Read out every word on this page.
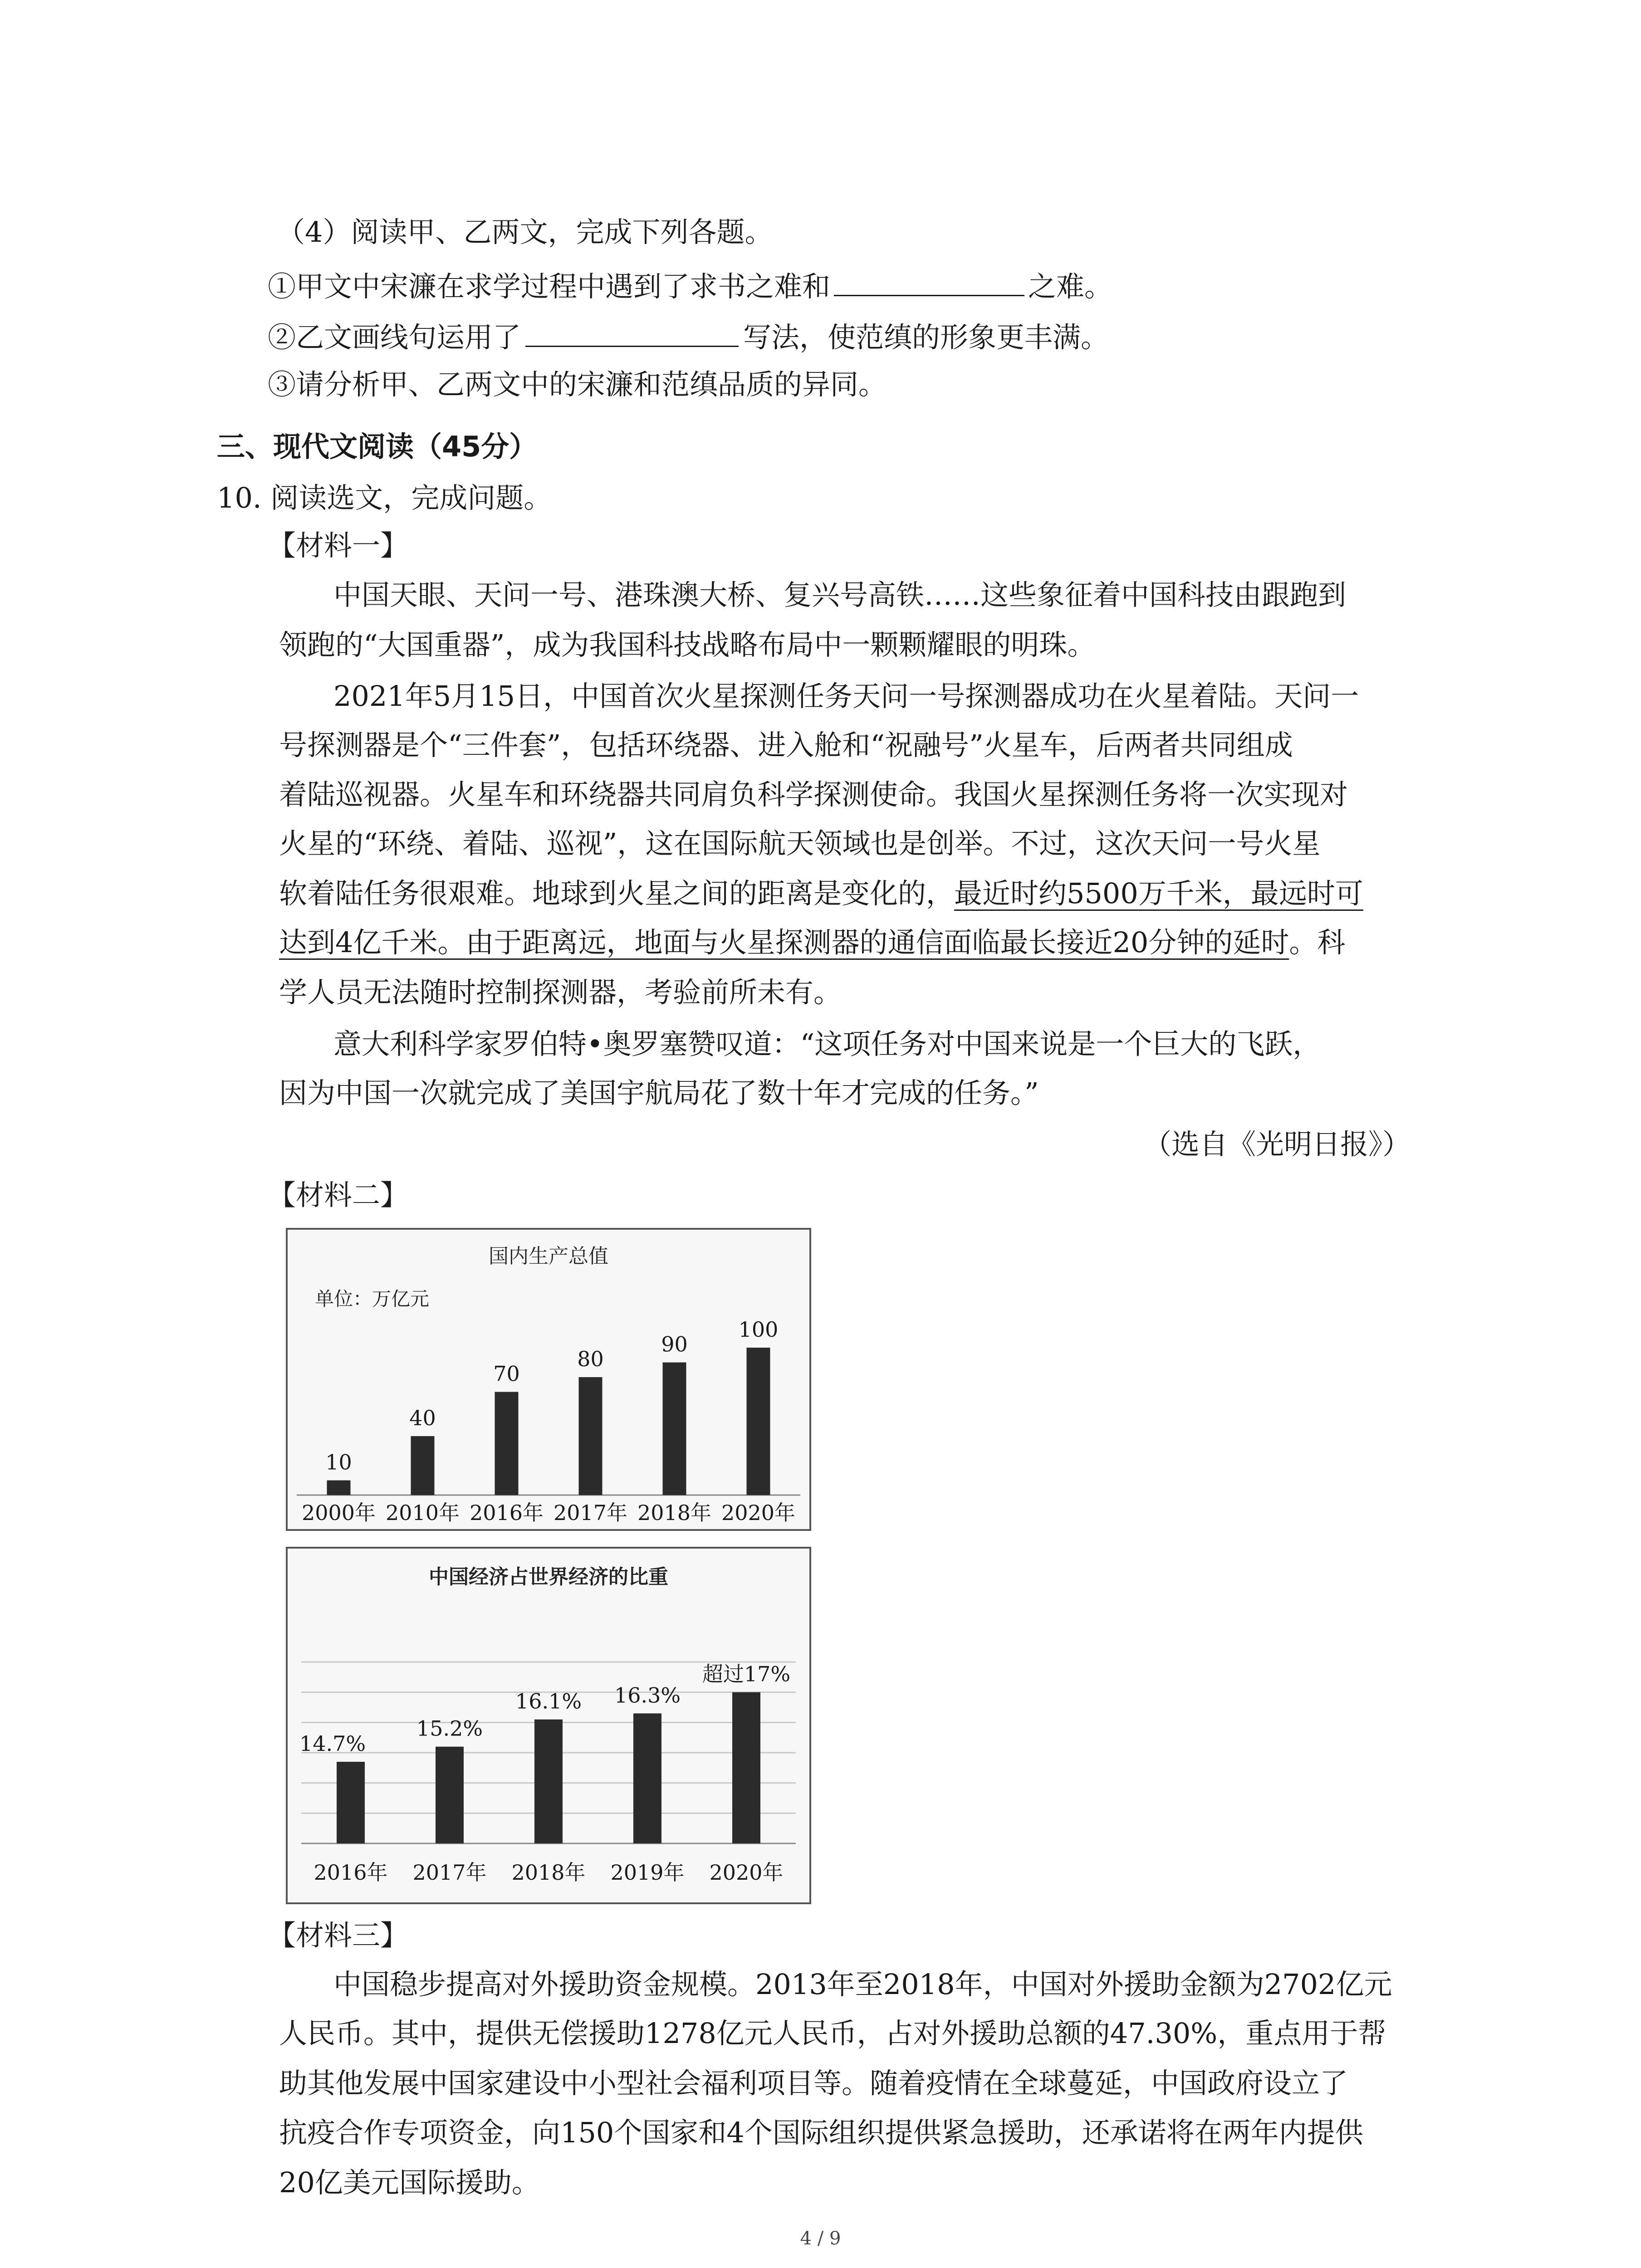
（4）阅读甲、乙两文，完成下列各题。
①甲文中宋濂在求学过程中遇到了求书之难和	之难。
②乙文画线句运用了	写法，使范缜的形象更丰满。
③请分析甲、乙两文中的宋濂和范缜品质的异同。
三、现代文阅读（45分）
10. 阅读选文，完成问题。
【材料一】
中国天眼、天问一号、港珠澳大桥、复兴号高铁……这些象征着中国科技由跟跑到
领跑的“大国重器”，成为我国科技战略布局中一颗颗耀眼的明珠。
2021年5月15日，中国首次火星探测任务天问一号探测器成功在火星着陆。天问一
号探测器是个“三件套”，包括环绕器、进入舱和“祝融号”火星车，后两者共同组成
着陆巡视器。火星车和环绕器共同肩负科学探测使命。我国火星探测任务将一次实现对
火星的“环绕、着陆、巡视”，这在国际航天领域也是创举。不过，这次天问一号火星
软着陆任务很艰难。地球到火星之间的距离是变化的，最近时约5500万千米，最远时可
达到4亿千米。由于距离远，地面与火星探测器的通信面临最长接近20分钟的延时。科
学人员无法随时控制探测器，考验前所未有。
意大利科学家罗伯特•奥罗塞赞叹道：“这项任务对中国来说是一个巨大的飞跃，
因为中国一次就完成了美国宇航局花了数十年才完成的任务。”
（选自《光明日报》）
【材料二】
国内生产总值
单位：万亿元
10
2000年
40
2010年
70
2016年
80
2017年
90
2018年
100
2020年
中国经济占世界经济的比重
14.7%
2016年
15.2%
2017年
16.1%
2018年
16.3%
2019年
超过17%
2020年
【材料三】
中国稳步提高对外援助资金规模。2013年至2018年，中国对外援助金额为2702亿元
人民币。其中，提供无偿援助1278亿元人民币，占对外援助总额的47.30%，重点用于帮
助其他发展中国家建设中小型社会福利项目等。随着疫情在全球蔓延，中国政府设立了
抗疫合作专项资金，向150个国家和4个国际组织提供紧急援助，还承诺将在两年内提供
20亿美元国际援助。
4 / 9
